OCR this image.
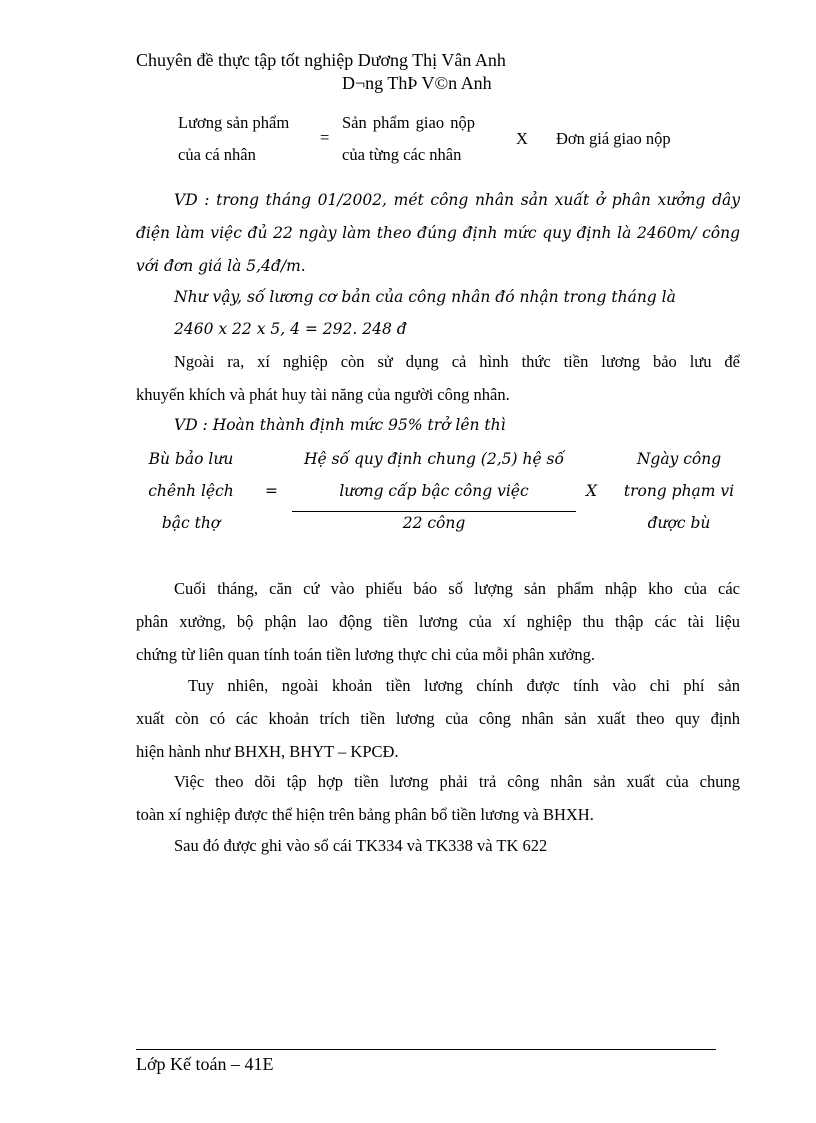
Chuyên đề thực tập tốt nghiệp Dương Thị Vân Anh
D¬ng ThÞ V©n Anh
Lương sản phẩm
của cá nhân
=
Sản phẩm giao nộp
của từng các nhân
X Đơn giá giao nộp
VD : trong tháng 01/2002, mét công nhân sản xuất ở phân xưởng dây
điện làm việc đủ 22 ngày làm theo đúng định mức quy định là 2460m/ công
với đơn giá là 5,4đ/m.
Như vậy, số lương cơ bản của công nhân đó nhận trong tháng là
2460 x 22 x 5, 4 = 292. 248 đ
Ngoài ra, xí nghiệp còn sử dụng cả hình thức tiền lương bảo lưu để
khuyến khích và phát huy tài năng của người công nhân.
VD : Hoàn thành định mức 95% trở lên thì
Bù bảo lưu
chênh lệch
bậc thợ
=
Hệ số quy định chung (2,5) hệ số
lương cấp bậc công việc
22 công
X
Ngày công
trong phạm vi
được bù
Cuối tháng, căn cứ vào phiếu báo số lượng sản phẩm nhập kho của các
phân xưởng, bộ phận lao động tiền lương của xí nghiệp thu thập các tài liệu
chứng từ liên quan tính toán tiền lương thực chi của mỗi phân xưởng.
Tuy nhiên, ngoài khoản tiền lương chính được tính vào chi phí sản
xuất còn có các khoản trích tiền lương của công nhân sản xuất theo quy định
hiện hành như BHXH, BHYT – KPCĐ.
Việc theo dõi tập hợp tiền lương phải trả công nhân sản xuất của chung
toàn xí nghiệp được thể hiện trên bảng phân bổ tiền lương và BHXH.
Sau đó được ghi vào sổ cái TK334 và TK338 và TK 622
Lớp Kế toán – 41E
